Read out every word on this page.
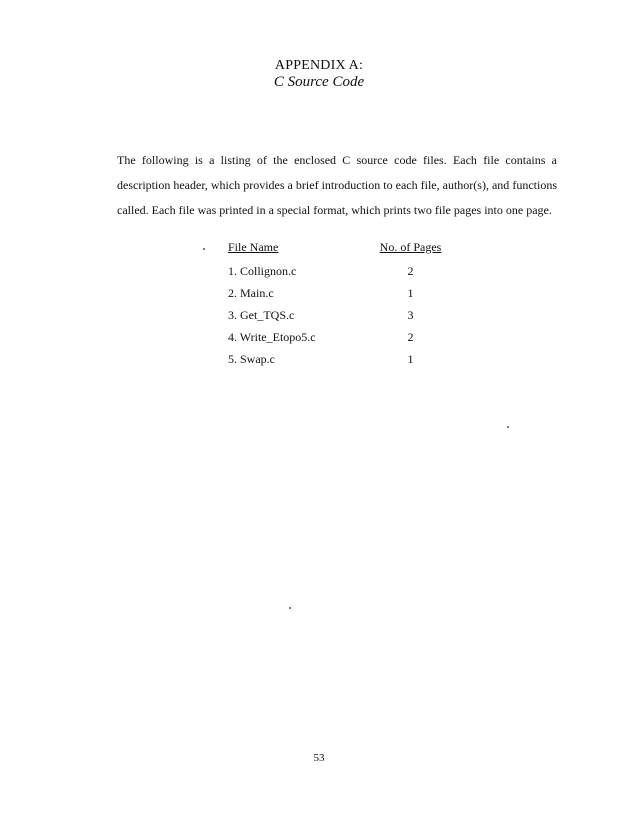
APPENDIX A:
C Source Code
The following is a listing of the enclosed C source code files. Each file contains a description header, which provides a brief introduction to each file, author(s), and functions called. Each file was printed in a special format, which prints two file pages into one page.
File Name	No. of Pages
1. Collignon.c	2
2. Main.c	1
3. Get_TQS.c	3
4. Write_Etopo5.c	2
5. Swap.c	1
53
